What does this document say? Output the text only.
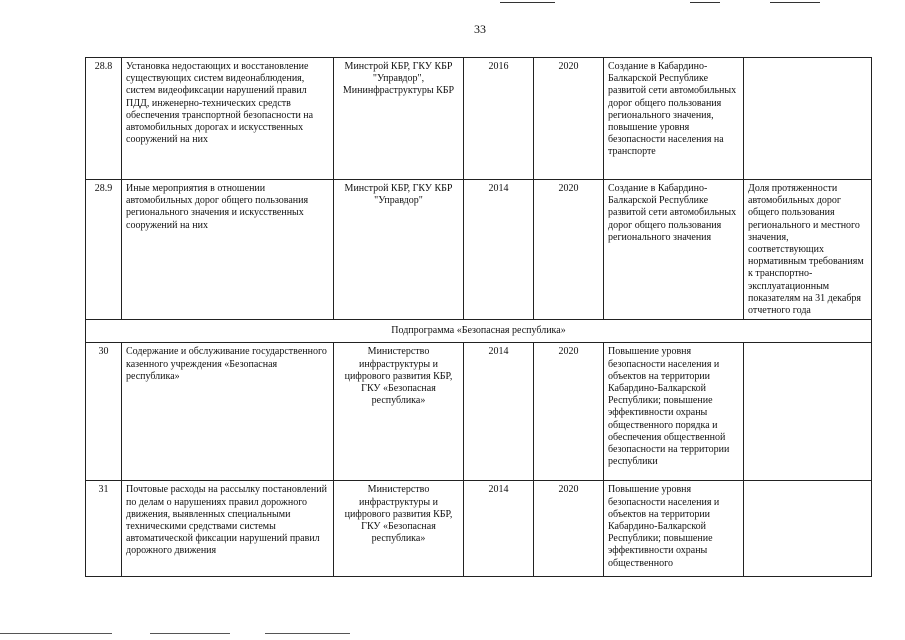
33
28.8	Установка недостающих и восстановление существующих систем видеонаблюдения, систем видеофиксации нарушений правил ПДД, инженерно-технических средств обеспечения транспортной безопасности на автомобильных дорогах и искусственных сооружений на них	Минстрой КБР, ГКУ КБР "Управдор", Мининфраструктуры КБР	2016	2020	Создание в Кабардино-Балкарской Республике развитой сети автомобильных дорог общего пользования регионального значения, повышение уровня безопасности населения на транспорте	
28.9	Иные мероприятия в отношении автомобильных дорог общего пользования регионального значения и искусственных сооружений на них	Минстрой КБР, ГКУ КБР "Управдор"	2014	2020	Создание в Кабардино-Балкарской Республике развитой сети автомобильных дорог общего пользования регионального значения	Доля протяженности автомобильных дорог общего пользования регионального и местного значения, соответствующих нормативным требованиям к транспортно-эксплуатационным показателям на 31 декабря отчетного года
Подпрограмма «Безопасная республика»						
30	Содержание и обслуживание государственного казенного учреждения «Безопасная республика»	Министерство инфраструктуры и цифрового развития КБР, ГКУ «Безопасная республика»	2014	2020	Повышение уровня безопасности населения и объектов на территории Кабардино-Балкарской Республики; повышение эффективности охраны общественного порядка и обеспечения общественной безопасности на территории республики	
31	Почтовые расходы на рассылку постановлений по делам о нарушениях правил дорожного движения, выявленных специальными техническими средствами системы автоматической фиксации нарушений правил дорожного движения	Министерство инфраструктуры и цифрового развития КБР, ГКУ «Безопасная республика»	2014	2020	Повышение уровня безопасности населения и объектов на территории Кабардино-Балкарской Республики; повышение эффективности охраны общественного	
